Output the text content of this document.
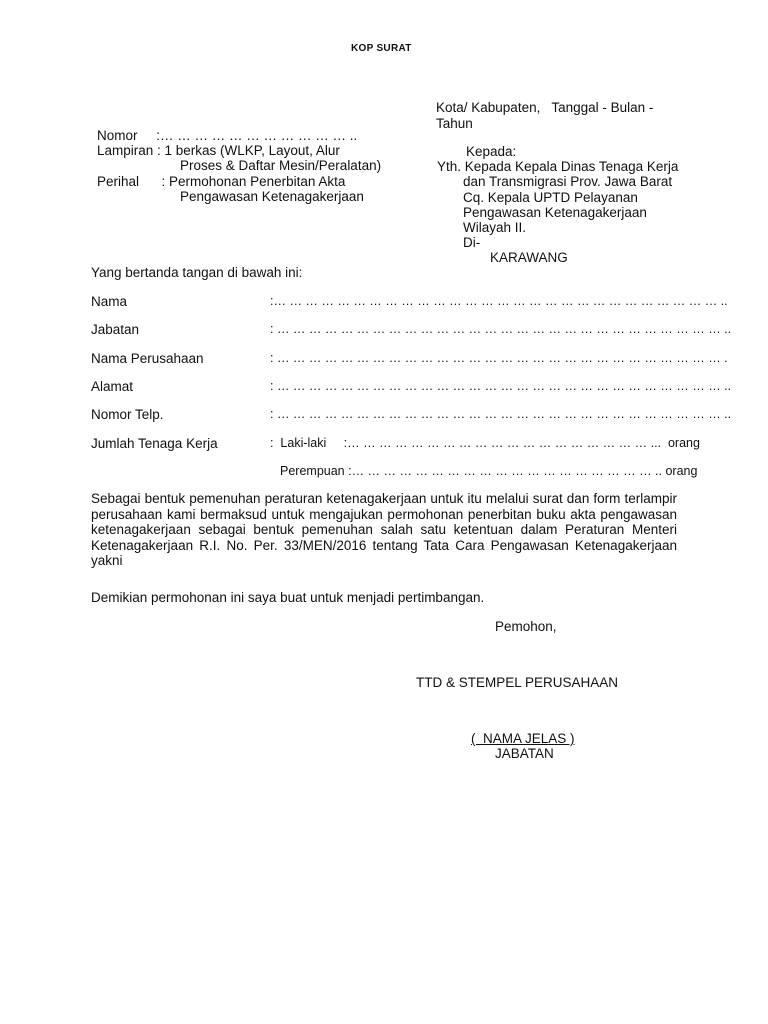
KOP SURAT
Kota/ Kabupaten,   Tanggal - Bulan -
Tahun
Nomor     :… … … … … … … … … … … ..
Lampiran : 1 berkas (WLKP, Layout, Alur
Proses & Daftar Mesin/Peralatan)
Perihal      : Permohonan Penerbitan Akta
Pengawasan Ketenagakerjaan
Kepada:
Yth. Kepada Kepala Dinas Tenaga Kerja
dan Transmigrasi Prov. Jawa Barat
Cq. Kepala UPTD Pelayanan
Pengawasan Ketenagakerjaan
Wilayah II.
Di-
KARAWANG
Yang bertanda tangan di bawah ini:
Nama	:… … … … … … … … … … … … … … … … … … … … … … … … … … … … ..
Jabatan	: … … … … … … … … … … … … … … … … … … … … … … … … … … … … ..
Nama Perusahaan	: … … … … … … … … … … … … … … … … … … … … … … … … … … … … .
Alamat	: … … … … … … … … … … … … … … … … … … … … … … … … … … … … ..
Nomor Telp.	: … … … … … … … … … … … … … … … … … … … … … … … … … … … … ..
Jumlah Tenaga Kerja	:  Laki-laki     :… … … … … … … … … … … … … … … … … … … ...  orang
Perempuan :… … … … … … … … … … … … … … … … … … … .. orang
Sebagai bentuk pemenuhan peraturan ketenagakerjaan untuk itu melalui surat dan form terlampir perusahaan kami bermaksud untuk mengajukan permohonan penerbitan buku akta pengawasan ketenagakerjaan sebagai bentuk pemenuhan salah satu ketentuan dalam Peraturan Menteri Ketenagakerjaan R.I. No. Per. 33/MEN/2016 tentang Tata Cara Pengawasan Ketenagakerjaan yakni
Demikian permohonan ini saya buat untuk menjadi pertimbangan.
Pemohon,
TTD & STEMPEL PERUSAHAAN
(  NAMA JELAS )
JABATAN
